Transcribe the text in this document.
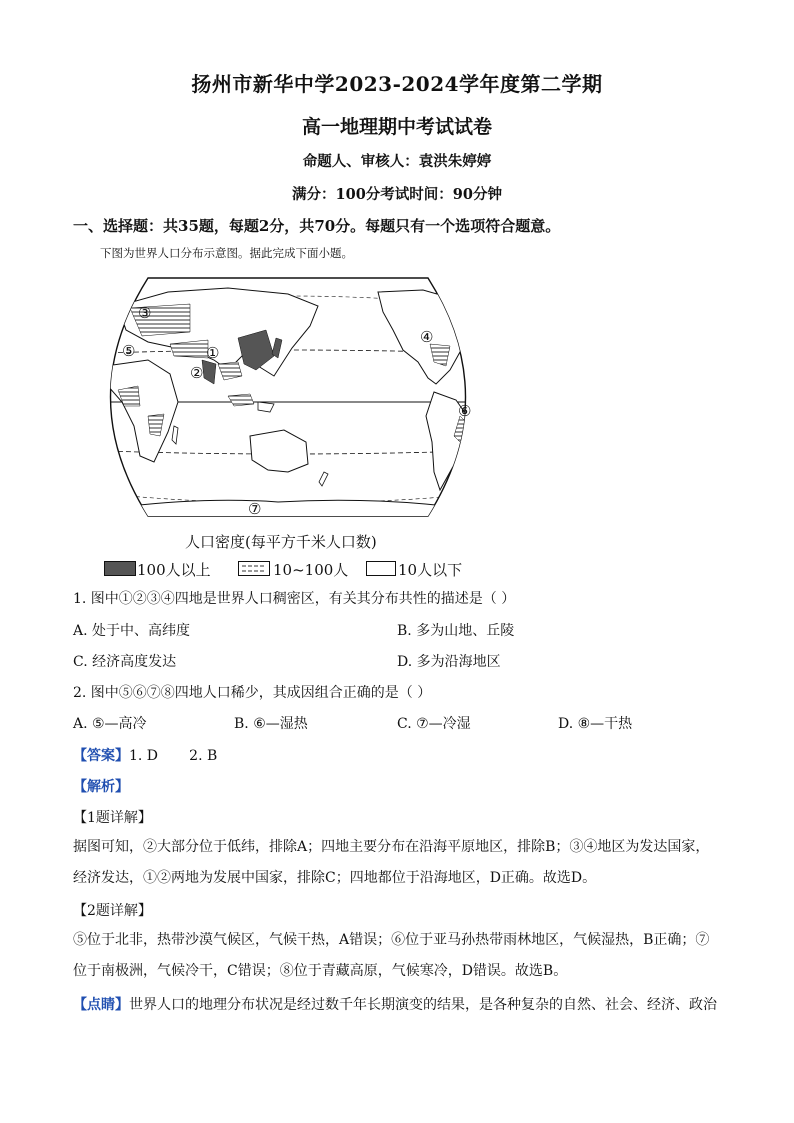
扬州市新华中学2023-2024学年度第二学期
高一地理期中考试试卷
命题人、审核人：袁洪朱婷婷
满分：100分考试时间：90分钟
一、选择题：共35题，每题2分，共70分。每题只有一个选项符合题意。
下图为世界人口分布示意图。据此完成下面小题。
③
⑤	①
②
④
⑥
⑦
人口密度(每平方千米人口数)
100人以上	10~100人	10人以下
1. 图中①②③④四地是世界人口稠密区，有关其分布共性的描述是（ ）
A. 处于中、高纬度	B. 多为山地、丘陵
C. 经济高度发达	D. 多为沿海地区
2. 图中⑤⑥⑦⑧四地人口稀少，其成因组合正确的是（ ）
A. ⑤—高冷	B. ⑥—湿热	C. ⑦—冷湿	D. ⑧—干热
【答案】1. D       2. B
【解析】
【1题详解】
据图可知，②大部分位于低纬，排除A；四地主要分布在沿海平原地区，排除B；③④地区为发达国家，
经济发达，①②两地为发展中国家，排除C；四地都位于沿海地区，D正确。故选D。
【2题详解】
⑤位于北非，热带沙漠气候区，气候干热，A错误；⑥位于亚马孙热带雨林地区，气候湿热，B正确；⑦
位于南极洲，气候冷干，C错误；⑧位于青藏高原，气候寒冷，D错误。故选B。
【点睛】世界人口的地理分布状况是经过数千年长期演变的结果，是各种复杂的自然、社会、经济、政治
